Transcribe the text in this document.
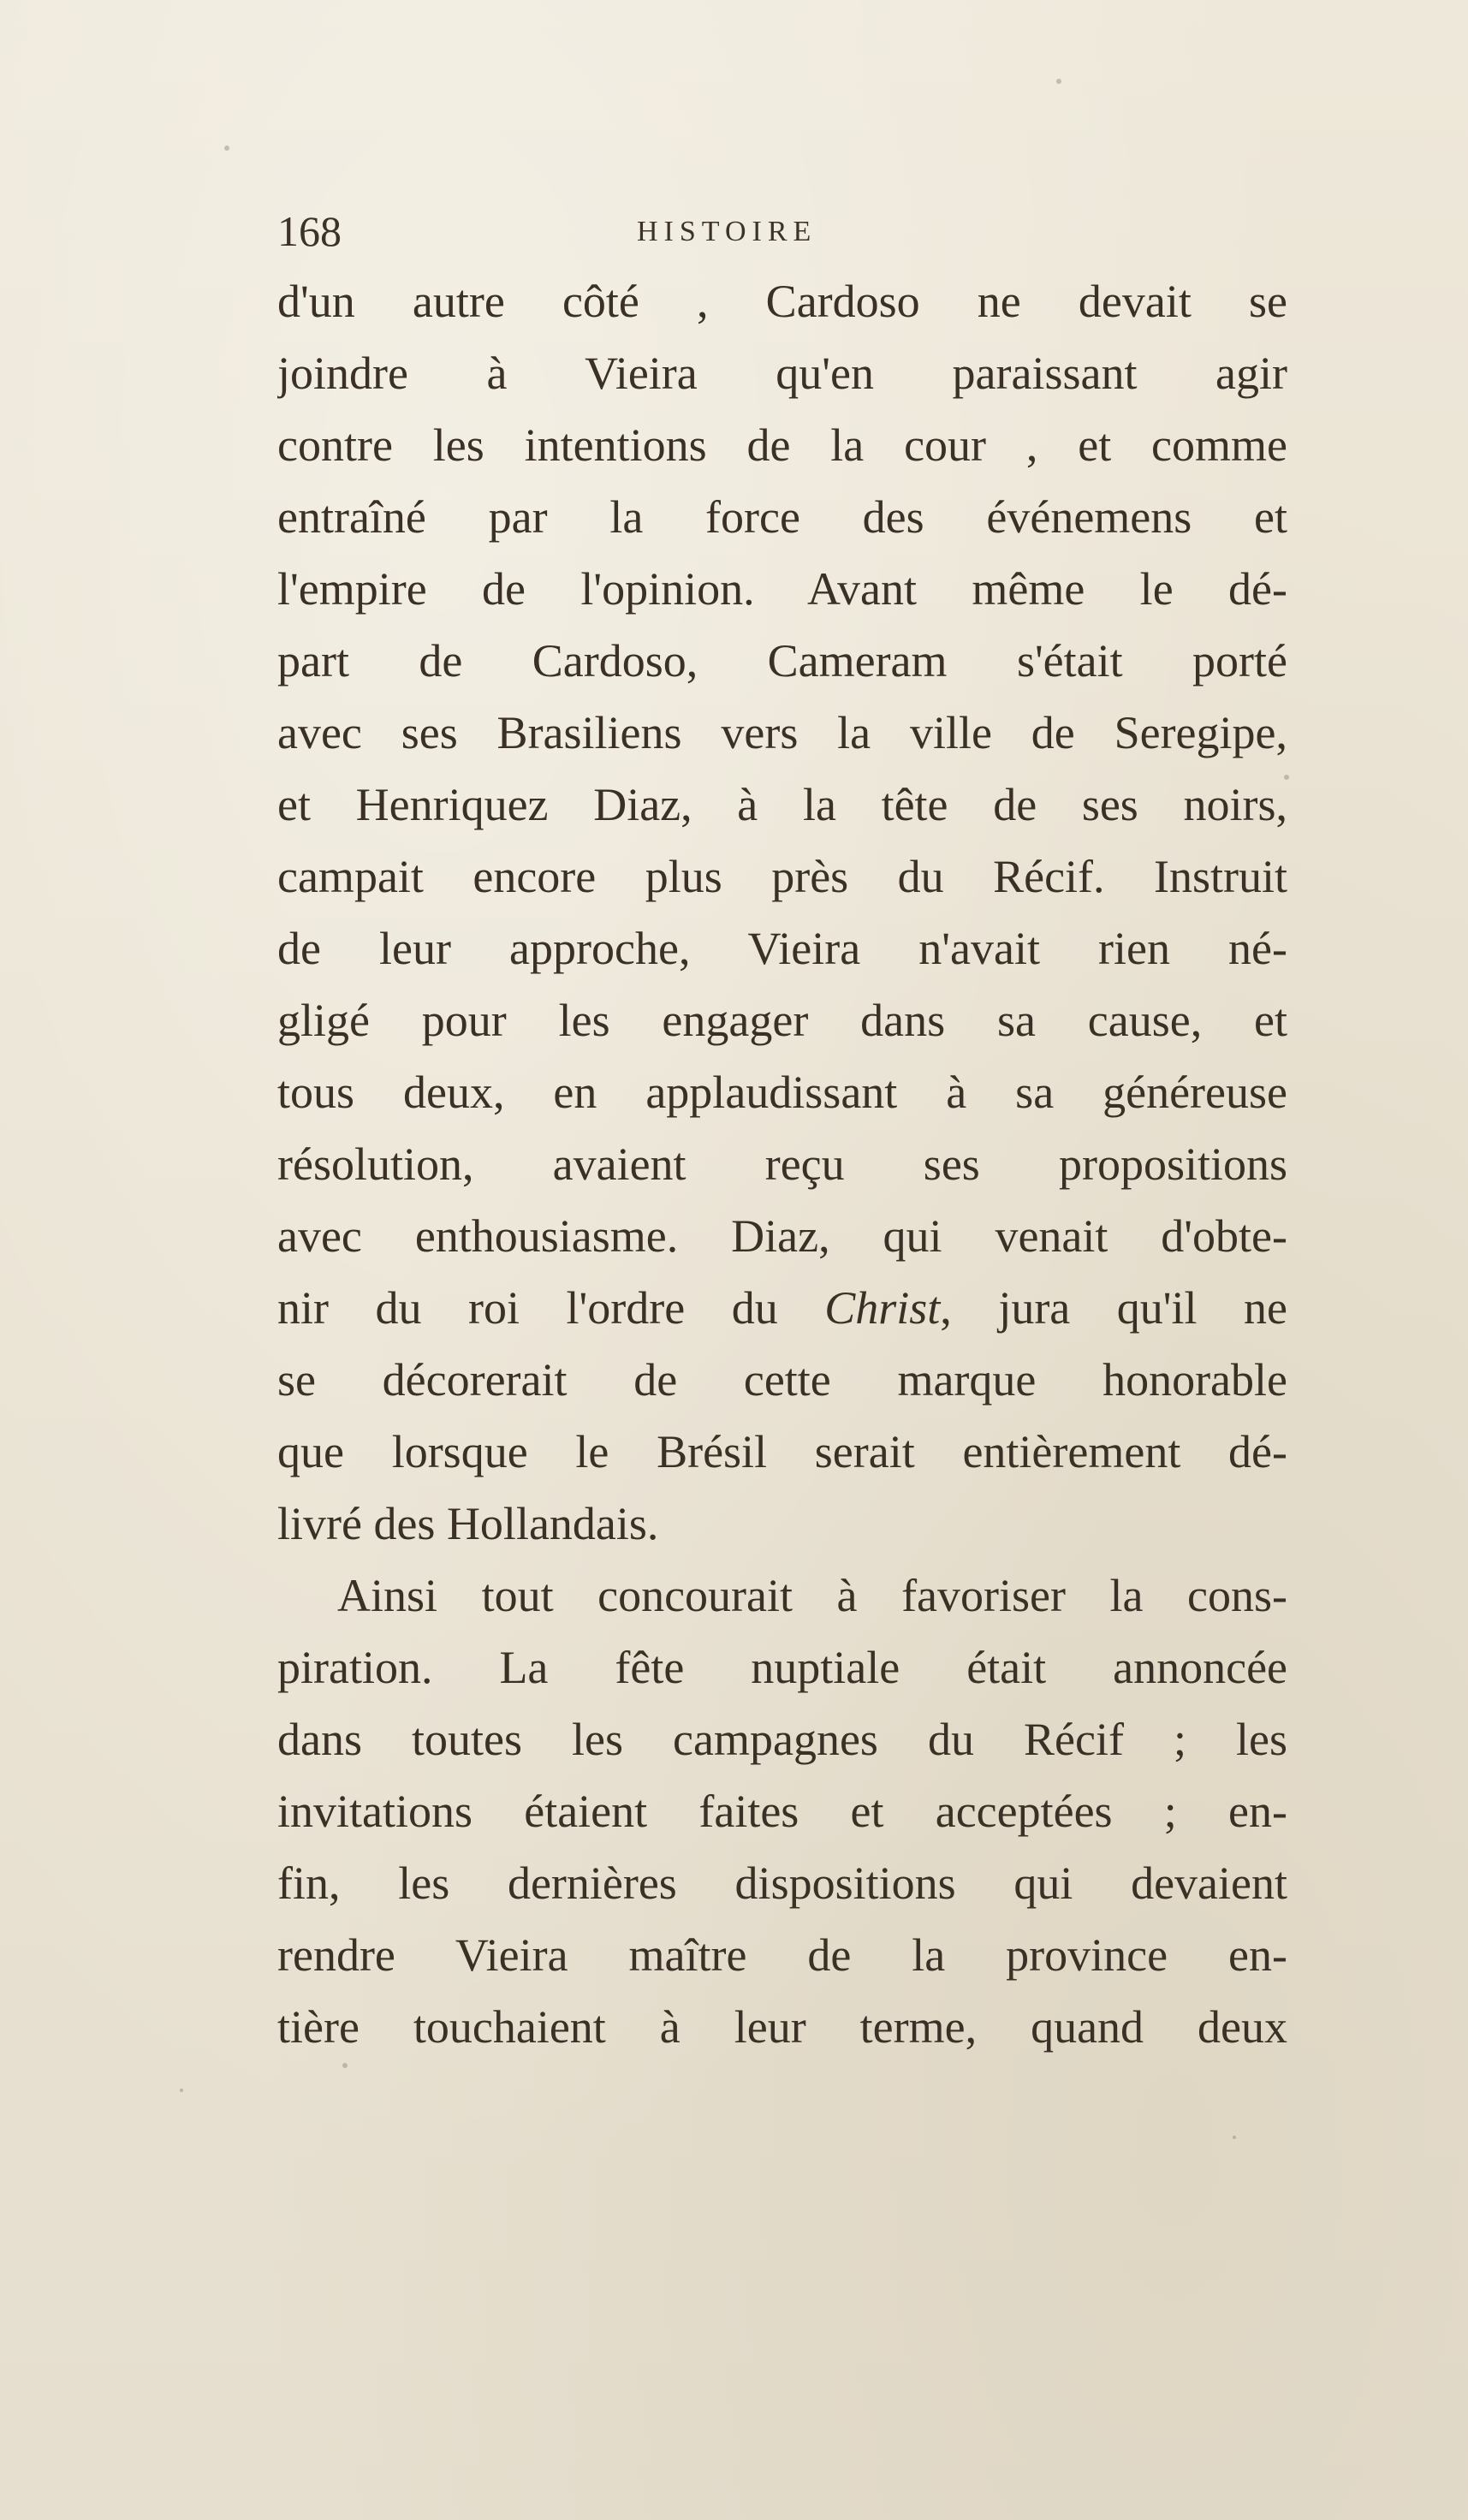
168	HISTOIRE
d'un autre côté , Cardoso ne devait se
joindre à Vieira qu'en paraissant agir
contre les intentions de la cour , et comme
entraîné par la force des événemens et
l'empire de l'opinion. Avant même le dé-
part de Cardoso, Cameram s'était porté
avec ses Brasiliens vers la ville de Seregipe,
et Henriquez Diaz, à la tête de ses noirs,
campait encore plus près du Récif. Instruit
de leur approche, Vieira n'avait rien né-
gligé pour les engager dans sa cause, et
tous deux, en applaudissant à sa généreuse
résolution, avaient reçu ses propositions
avec enthousiasme. Diaz, qui venait d'obte-
nir du roi l'ordre du Christ, jura qu'il ne
se décorerait de cette marque honorable
que lorsque le Brésil serait entièrement dé-
livré des Hollandais.
Ainsi tout concourait à favoriser la cons-
piration. La fête nuptiale était annoncée
dans toutes les campagnes du Récif ; les
invitations étaient faites et acceptées ; en-
fin, les dernières dispositions qui devaient
rendre Vieira maître de la province en-
tière touchaient à leur terme, quand deux
